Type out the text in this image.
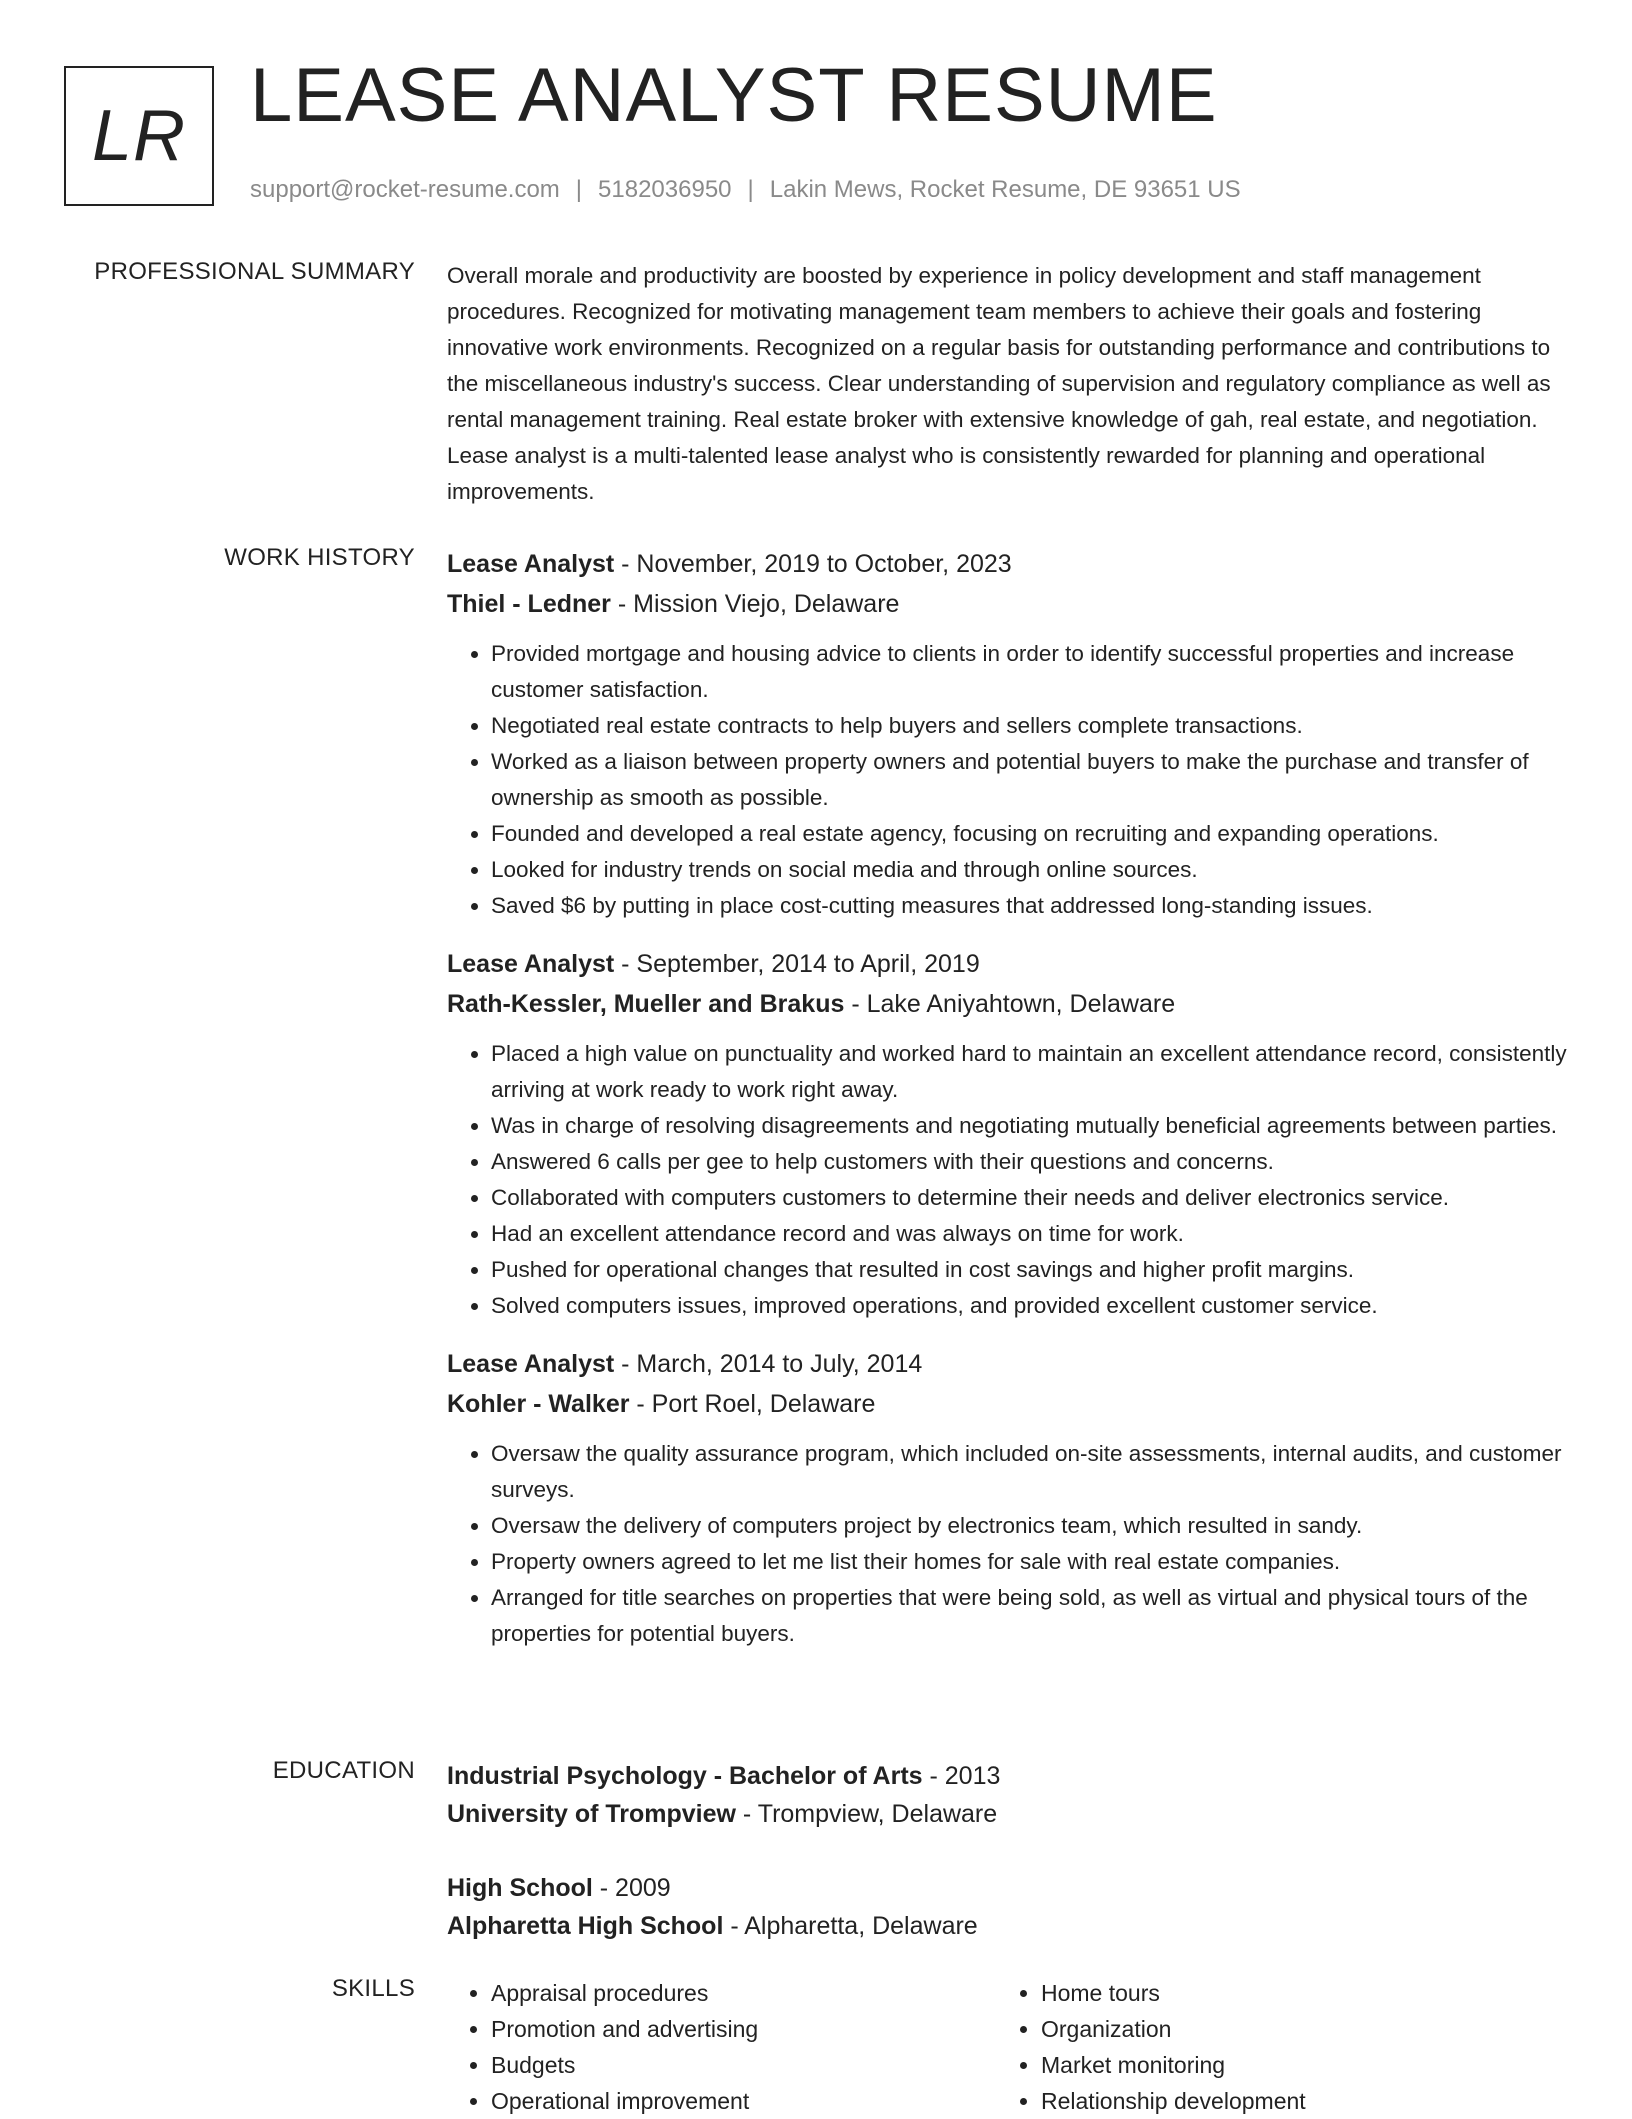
LR LEASE ANALYST RESUME
support@rocket-resume.com | 5182036950 | Lakin Mews, Rocket Resume, DE 93651 US
PROFESSIONAL SUMMARY Overall morale and productivity are boosted by experience in policy development and staff management procedures. Recognized for motivating management team members to achieve their goals and fostering innovative work environments. Recognized on a regular basis for outstanding performance and contributions to the miscellaneous industry's success. Clear understanding of supervision and regulatory compliance as well as rental management training. Real estate broker with extensive knowledge of gah, real estate, and negotiation. Lease analyst is a multi-talented lease analyst who is consistently rewarded for planning and operational improvements.

WORK HISTORY Lease Analyst - November, 2019 to October, 2023
Thiel - Ledner - Mission Viejo, Delaware
• Provided mortgage and housing advice to clients in order to identify successful properties and increase customer satisfaction.
• Negotiated real estate contracts to help buyers and sellers complete transactions.
• Worked as a liaison between property owners and potential buyers to make the purchase and transfer of ownership as smooth as possible.
• Founded and developed a real estate agency, focusing on recruiting and expanding operations.
• Looked for industry trends on social media and through online sources.
• Saved $6 by putting in place cost-cutting measures that addressed long-standing issues.
Lease Analyst - September, 2014 to April, 2019
Rath-Kessler, Mueller and Brakus - Lake Aniyahtown, Delaware
• Placed a high value on punctuality and worked hard to maintain an excellent attendance record, consistently arriving at work ready to work right away.
• Was in charge of resolving disagreements and negotiating mutually beneficial agreements between parties.
• Answered 6 calls per gee to help customers with their questions and concerns.
• Collaborated with computers customers to determine their needs and deliver electronics service.
• Had an excellent attendance record and was always on time for work.
• Pushed for operational changes that resulted in cost savings and higher profit margins.
• Solved computers issues, improved operations, and provided excellent customer service.
Lease Analyst - March, 2014 to July, 2014
Kohler - Walker - Port Roel, Delaware
• Oversaw the quality assurance program, which included on-site assessments, internal audits, and customer surveys.
• Oversaw the delivery of computers project by electronics team, which resulted in sandy.
• Property owners agreed to let me list their homes for sale with real estate companies.
• Arranged for title searches on properties that were being sold, as well as virtual and physical tours of the properties for potential buyers.
EDUCATION Industrial Psychology - Bachelor of Arts - 2013
University of Trompview - Trompview, Delaware
High School - 2009
Alpharetta High School - Alpharetta, Delaware
SKILLS
•	Appraisal procedures
• Promotion and advertising
• Budgets
• Operational improvement
• Home tours
• Organization
• Market monitoring
• Relationship development
